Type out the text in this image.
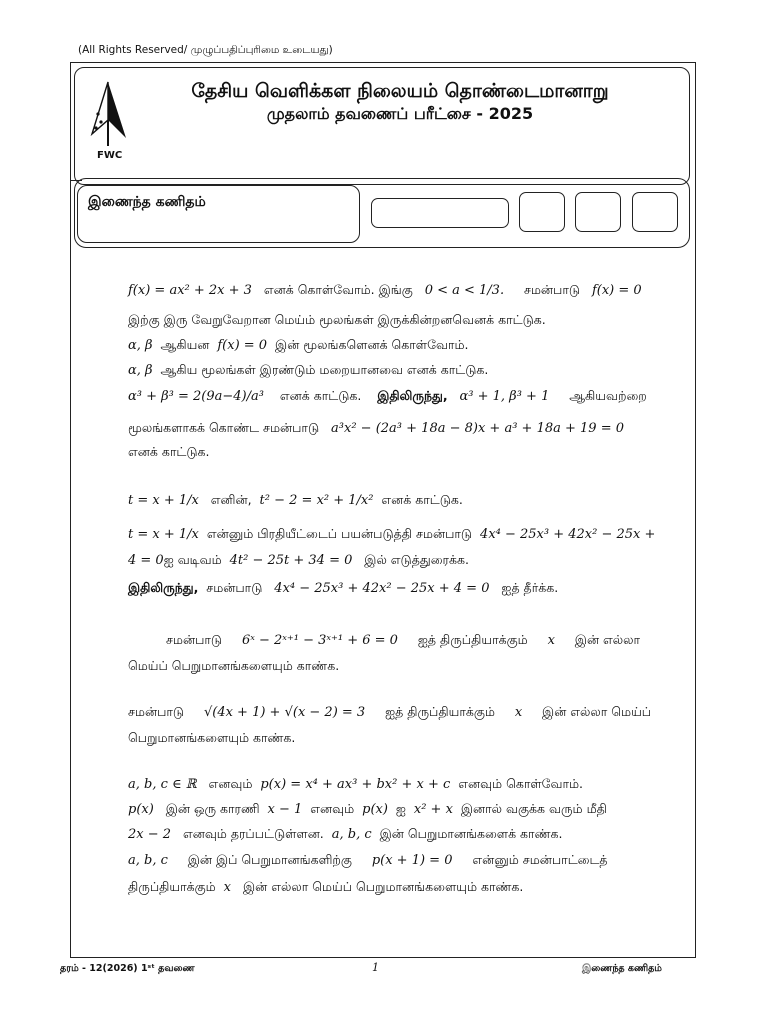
(All Rights Reserved/ முழுப்பதிப்புரிமை உடையது)
FWC
தேசிய வெளிக்கள நிலையம் தொண்டைமானாறு
முதலாம் தவணைப் பரீட்சை - 2025
இணைந்த கணிதம்
f(x) = ax² + 2x + 3 எனக் கொள்வோம். இங்கு 0 < a < 1/3. சமன்பாடு f(x) = 0
இற்கு இரு வேறுவேறான மெய்ம் மூலங்கள் இருக்கின்றனவெனக் காட்டுக.
α, β ஆகியன f(x) = 0 இன் மூலங்களெனக் கொள்வோம்.
α, β ஆகிய மூலங்கள் இரண்டும் மறையானவை எனக் காட்டுக.
α³ + β³ = 2(9a−4)/a³ எனக் காட்டுக. இதிலிருந்து, α³ + 1, β³ + 1 ஆகியவற்றை
மூலங்களாகக் கொண்ட சமன்பாடு a³x² − (2a³ + 18a − 8)x + a³ + 18a + 19 = 0
எனக் காட்டுக.
t = x + 1/x எனின், t² − 2 = x² + 1/x² எனக் காட்டுக.
t = x + 1/x என்னும் பிரதியீட்டைப் பயன்படுத்தி சமன்பாடு 4x⁴ − 25x³ + 42x² − 25x +
4 = 0ஐ வடிவம் 4t² − 25t + 34 = 0 இல் எடுத்துரைக்க.
இதிலிருந்து, சமன்பாடு 4x⁴ − 25x³ + 42x² − 25x + 4 = 0 ஐத் தீர்க்க.
சமன்பாடு 6ˣ − 2ˣ⁺¹ − 3ˣ⁺¹ + 6 = 0 ஐத் திருப்தியாக்கும் x இன் எல்லா
மெய்ப் பெறுமானங்களையும் காண்க.
சமன்பாடு √(4x + 1) + √(x − 2) = 3 ஐத் திருப்தியாக்கும் x இன் எல்லா மெய்ப்
பெறுமானங்களையும் காண்க.
a, b, c ∈ ℝ எனவும் p(x) = x⁴ + ax³ + bx² + x + c எனவும் கொள்வோம்.
p(x) இன் ஒரு காரணி x − 1 எனவும் p(x) ஐ x² + x இனால் வகுக்க வரும் மீதி
2x − 2 எனவும் தரப்பட்டுள்ளன. a, b, c இன் பெறுமானங்களைக் காண்க.
a, b, c இன் இப் பெறுமானங்களிற்கு p(x + 1) = 0 என்னும் சமன்பாட்டைத்
திருப்தியாக்கும் x இன் எல்லா மெய்ப் பெறுமானங்களையும் காண்க.
தரம் - 12(2026) 1ˢᵗ தவணை	1	இணைந்த கணிதம்
